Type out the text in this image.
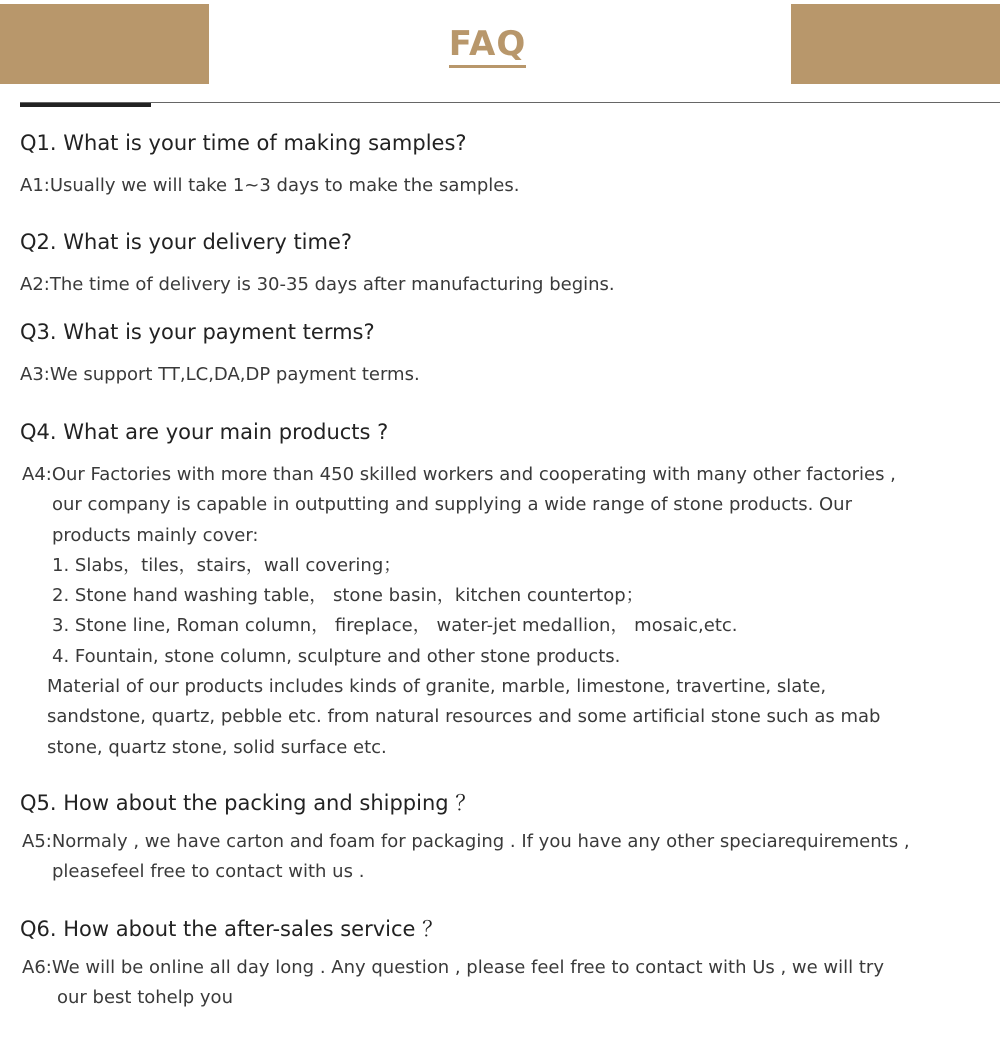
FAQ
Q1. What is your time of making samples?
A1:Usually we will take 1~3 days to make the samples.
Q2. What is your delivery time?
A2:The time of delivery is 30-35 days after manufacturing begins.
Q3. What is your payment terms?
A3:We support TT,LC,DA,DP payment terms.
Q4. What are your main products ?
A4:Our Factories with more than 450 skilled workers and cooperating with many other factories ,
our company is capable in outputting and supplying a wide range of stone products. Our
products mainly cover:
1. Slabs，tiles，stairs，wall covering；
2. Stone hand washing table， stone basin，kitchen countertop；
3. Stone line, Roman column， fireplace， water-jet medallion， mosaic,etc.
4. Fountain, stone column, sculpture and other stone products.
Material of our products includes kinds of granite, marble, limestone, travertine, slate,
sandstone, quartz, pebble etc. from natural resources and some artificial stone such as mab
stone, quartz stone, solid surface etc.
Q5. How about the packing and shipping ？
A5:Normaly , we have carton and foam for packaging . If you have any other speciarequirements ,
pleasefeel free to contact with us .
Q6. How about the after-sales service ？
A6:We will be online all day long . Any question , please feel free to contact with Us , we will try
our best tohelp you
